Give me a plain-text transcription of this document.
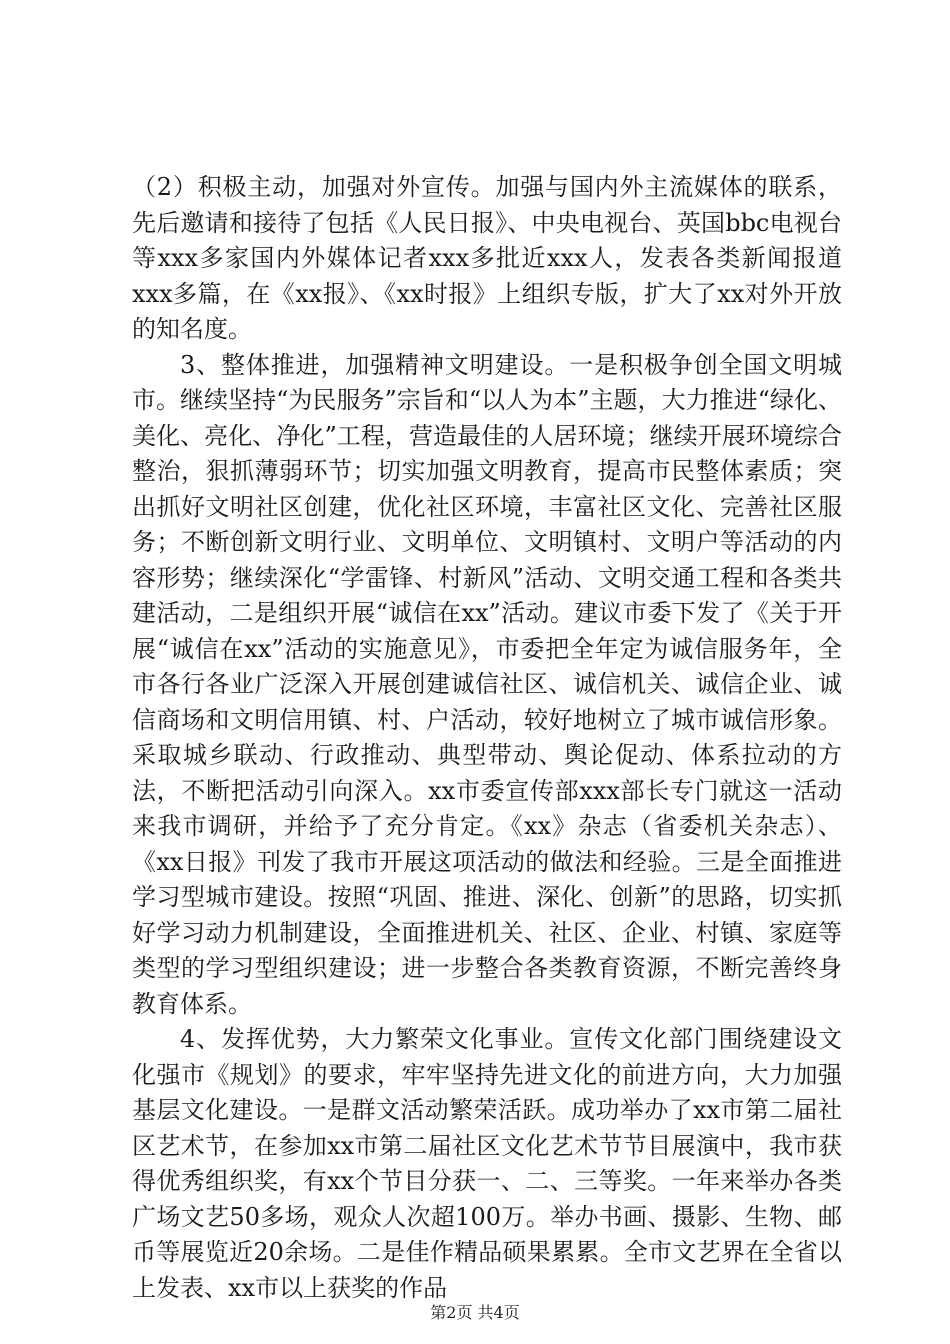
（2）积极主动，加强对外宣传。加强与国内外主流媒体的联系，先后邀请和接待了包括《人民日报》、中央电视台、英国bbc电视台等xxx多家国内外媒体记者xxx多批近xxx人，发表各类新闻报道xxx多篇，在《xx报》、《xx时报》上组织专版，扩大了xx对外开放的知名度。

3、整体推进，加强精神文明建设。一是积极争创全国文明城市。继续坚持“为民服务”宗旨和“以人为本”主题，大力推进“绿化、美化、亮化、净化”工程，营造最佳的人居环境；继续开展环境综合整治，狠抓薄弱环节；切实加强文明教育，提高市民整体素质；突出抓好文明社区创建，优化社区环境，丰富社区文化、完善社区服务；不断创新文明行业、文明单位、文明镇村、文明户等活动的内容形势；继续深化“学雷锋、村新风”活动、文明交通工程和各类共建活动，二是组织开展“诚信在xx”活动。建议市委下发了《关于开展“诚信在xx”活动的实施意见》，市委把全年定为诚信服务年，全市各行各业广泛深入开展创建诚信社区、诚信机关、诚信企业、诚信商场和文明信用镇、村、户活动，较好地树立了城市诚信形象。采取城乡联动、行政推动、典型带动、舆论促动、体系拉动的方法，不断把活动引向深入。xx市委宣传部xxx部长专门就这一活动来我市调研，并给予了充分肯定。《xx》杂志（省委机关杂志）、《xx日报》刊发了我市开展这项活动的做法和经验。三是全面推进学习型城市建设。按照“巩固、推进、深化、创新”的思路，切实抓好学习动力机制建设，全面推进机关、社区、企业、村镇、家庭等类型的学习型组织建设；进一步整合各类教育资源，不断完善终身教育体系。

4、发挥优势，大力繁荣文化事业。宣传文化部门围绕建设文化强市《规划》的要求，牢牢坚持先进文化的前进方向，大力加强基层文化建设。一是群文活动繁荣活跃。成功举办了xx市第二届社区艺术节，在参加xx市第二届社区文化艺术节节目展演中，我市获得优秀组织奖，有xx个节目分获一、二、三等奖。一年来举办各类广场文艺50多场，观众人次超100万。举办书画、摄影、生物、邮币等展览近20余场。二是佳作精品硕果累累。全市文艺界在全省以上发表、xx市以上获奖的作品

第2页 共4页
